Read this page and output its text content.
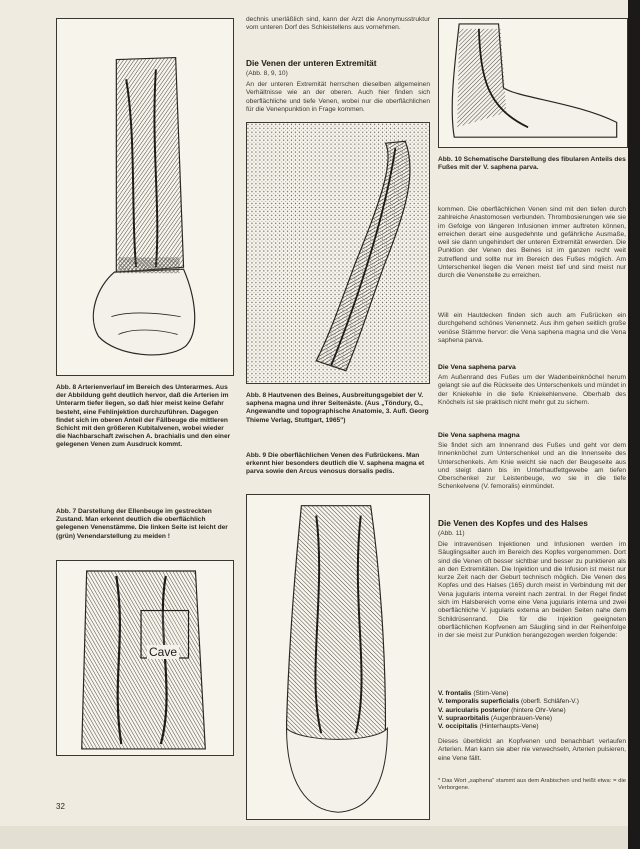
Abb. 8 Arterienverlauf im Bereich des Unterarmes. Aus der Abbildung geht deutlich hervor, daß die Arterien im Unterarm tiefer liegen, so daß hier meist keine Gefahr besteht, eine Fehlinjektion durchzuführen. Dagegen findet sich im oberen Anteil der Fällbeuge die mittleren Schicht mit den größeren Kubitalvenen, wobei wieder die Nachbarschaft zwischen A. brachialis und den einer gelegenen Venen zum Ausdruck kommt.

Abb. 7 Darstellung der Ellenbeuge im gestreckten Zustand. Man erkennt deutlich die oberflächlich gelegenen Venenstämme. Die linken Seite ist leicht der (grün) Venendarstellung zu meiden !

Cave

dechnis unerläßlich sind, kann der Arzt die Anonymusstruktur vom unteren Dorf des Schleistellens aus vornehmen.

Die Venen der unteren Extremität

(Abb. 8, 9, 10)

An der unteren Extremität herrschen dieselben allgemeinen Verhältnisse wie an der oberen. Auch hier finden sich oberflächliche und tiefe Venen, wobei nur die oberflächlichen für die Venenpunktion in Frage kommen.

Abb. 8 Hautvenen des Beines, Ausbreitungsgebiet der V. saphena magna und ihrer Seitenäste. (Aus „Töndury, G., Angewandte und topographische Anatomie, 3. Aufl. Georg Thieme Verlag, Stuttgart, 1965")

Abb. 9 Die oberflächlichen Venen des Fußrückens. Man erkennt hier besonders deutlich die V. saphena magna et parva sowie den Arcus venosus dorsalis pedis.

Abb. 10 Schematische Darstellung des fibularen Anteils des Fußes mit der V. saphena parva.

kommen. Die oberflächlichen Venen sind mit den tiefen durch zahlreiche Anastomosen verbunden. Thrombosierungen wie sie im Gefolge von längeren Infusionen immer auftreten können, erreichen derart eine ausgedehnte und gefährliche Ausmaße, weil sie dann ungehindert der unteren Extremität erwerden. Die Punktion der Venen des Beines ist im ganzen recht weit zutreffend und sollte nur im Bereich des Fußes möglich. Am Unterschenkel liegen die Venen meist tief und sind meist nur durch die Venenstelle zu erreichen.

Will ein Hautdecken finden sich auch am Fußrücken ein durchgehend schönes Venennetz. Aus ihm gehen seitlich große venöse Stämme hervor: die Vena saphena magna und die Vena saphena parva.

Die Vena saphena parva

Am Außenrand des Fußes um der Wadenbeinknöchel herum gelangt sie auf die Rückseite des Unterschenkels und mündet in der Kniekehle in die tiefe Kniekehlenvene. Oberhalb des Knöchels ist sie praktisch nicht mehr gut zu sichern.

Die Vena saphena magna

Sie findet sich am Innenrand des Fußes und geht vor dem Innenknöchel zum Unterschenkel und an die Innenseite des Unterschenkels. Am Knie weicht sie nach der Beugeseite aus und steigt dann bis im Unterhautfettgewebe am tiefen Oberschenkel zur Leistenbeuge, wo sie in die tiefe Schenkelvene (V. femoralis) einmündet.

Die Venen des Kopfes und des Halses

(Abb. 11)

Die intravenösen Injektionen und Infusionen werden im Säuglingsalter auch im Bereich des Kopfes vorgenommen. Dort sind die Venen oft besser sichtbar und besser zu punktieren als an den Extremitäten. Die Injektion und die Infusion ist meist nur kurze Zeit nach der Geburt technisch möglich. Die Venen des Kopfes und des Halses (165) durch meist in Verbindung mit der Vena jugularis interna vereint nach zentral. In der Regel findet sich im Halsbereich vorne eine Vena jugularis interna und zwei oberflächliche V. jugularis externa an beiden Seiten nahe dem Schildrüsenrand. Die für die Injektion geeigneten oberflächlichen Kopfvenen am Säugling sind in der Reihenfolge in der sie meist zur Punktion herangezogen werden folgende:

V. frontalis (Stirn-Vene)
V. temporalis superficialis (oberfl. Schläfen-V.)
V. auricularis posterior (hintere Ohr-Vene)
V. supraorbitalis (Augenbrauen-Vene)
V. occipitalis (Hinterhaupts-Vene)

Dieses überblickt an Kopfvenen und benachbart verlaufen Arterien. Man kann sie aber nie verwechseln, Arterien pulsieren, eine Vene fällt.

* Das Wort „saphena" stammt aus dem Arabischen und heißt etwa: = die Verborgene.

32
